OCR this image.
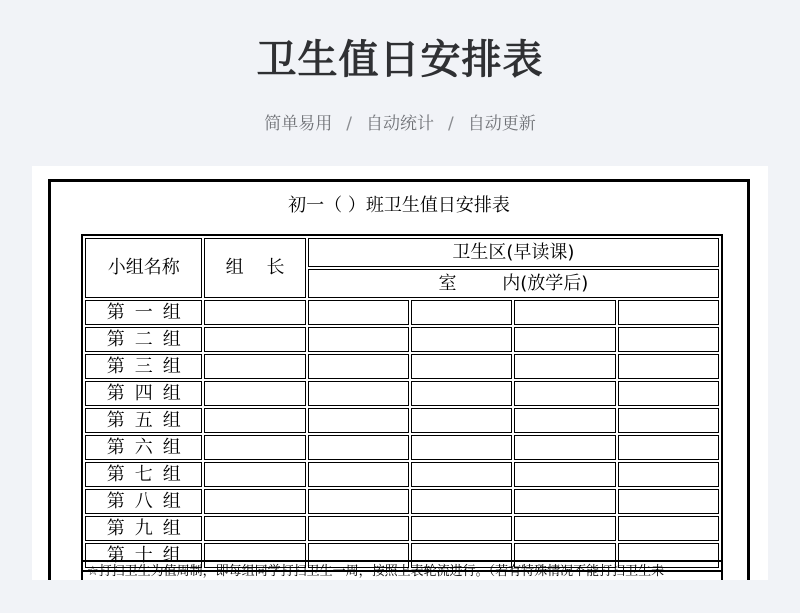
卫生值日安排表
简单易用 / 自动统计 / 自动更新
初一（ ）班卫生值日安排表
小组名称	组    长	卫生区(早读课)			
		室        内(放学后)			
第一组					
第二组					
第三组					
第四组					
第五组					
第六组					
第七组					
第八组					
第九组					
第十组					
☆打扫卫生为值周制，即每组同学打扫卫生一周，按照上表轮流进行。（若有特殊情况不能打扫卫生未
